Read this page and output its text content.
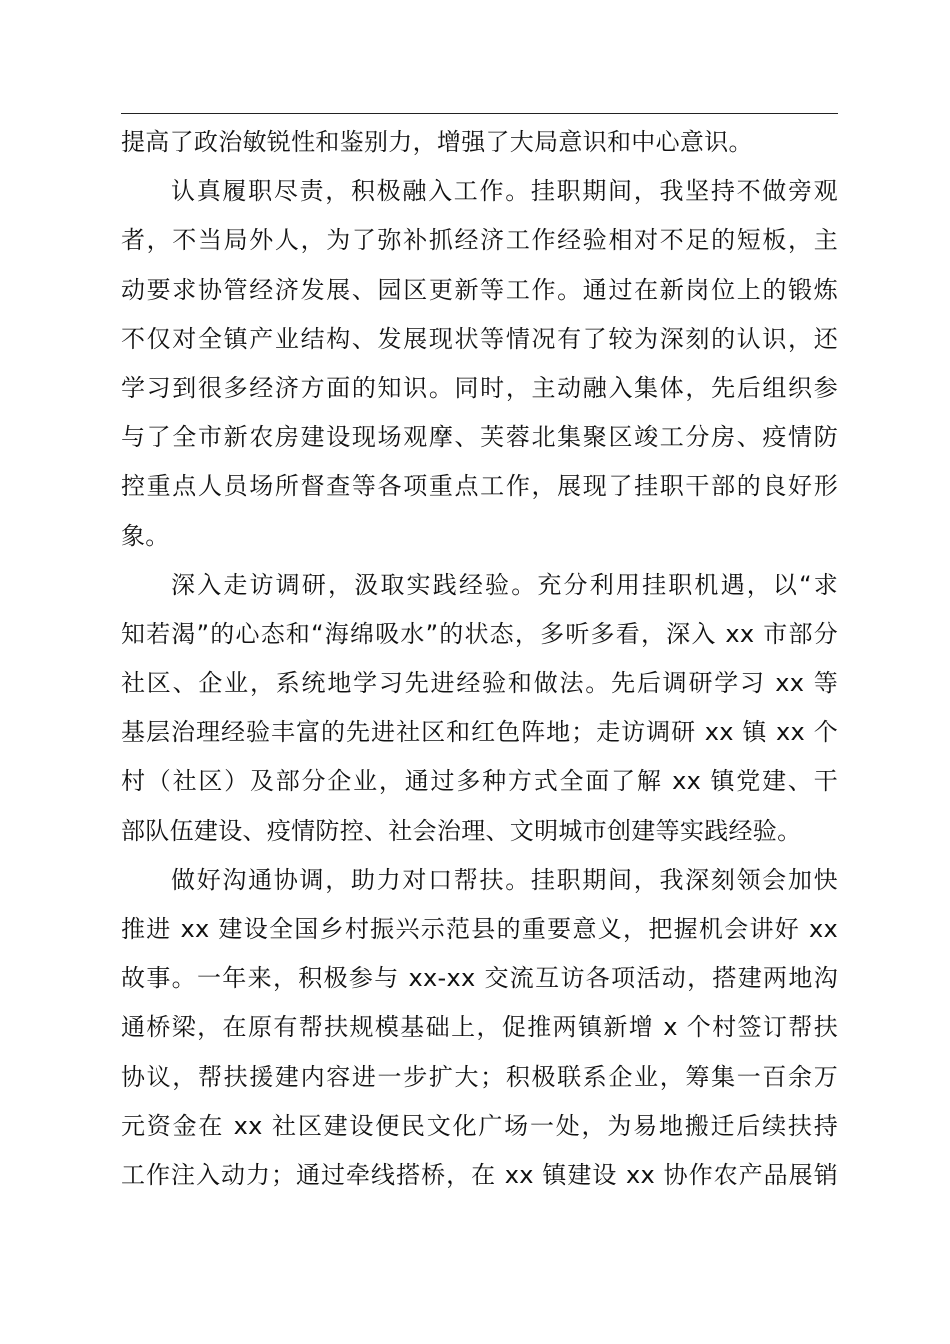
提高了政治敏锐性和鉴别力，增强了大局意识和中心意识。
认真履职尽责，积极融入工作。挂职期间，我坚持不做旁观
者，不当局外人，为了弥补抓经济工作经验相对不足的短板，主
动要求协管经济发展、园区更新等工作。通过在新岗位上的锻炼
不仅对全镇产业结构、发展现状等情况有了较为深刻的认识，还
学习到很多经济方面的知识。同时，主动融入集体，先后组织参
与了全市新农房建设现场观摩、芙蓉北集聚区竣工分房、疫情防
控重点人员场所督查等各项重点工作，展现了挂职干部的良好形
象。
深入走访调研，汲取实践经验。充分利用挂职机遇，以“求
知若渴”的心态和“海绵吸水”的状态，多听多看，深入 xx 市部分
社区、企业，系统地学习先进经验和做法。先后调研学习 xx 等
基层治理经验丰富的先进社区和红色阵地；走访调研 xx 镇 xx 个
村（社区）及部分企业，通过多种方式全面了解 xx 镇党建、干
部队伍建设、疫情防控、社会治理、文明城市创建等实践经验。
做好沟通协调，助力对口帮扶。挂职期间，我深刻领会加快
推进 xx 建设全国乡村振兴示范县的重要意义，把握机会讲好 xx
故事。一年来，积极参与 xx-xx 交流互访各项活动，搭建两地沟
通桥梁，在原有帮扶规模基础上，促推两镇新增 x 个村签订帮扶
协议，帮扶援建内容进一步扩大；积极联系企业，筹集一百余万
元资金在 xx 社区建设便民文化广场一处，为易地搬迁后续扶持
工作注入动力；通过牵线搭桥，在 xx 镇建设 xx 协作农产品展销
